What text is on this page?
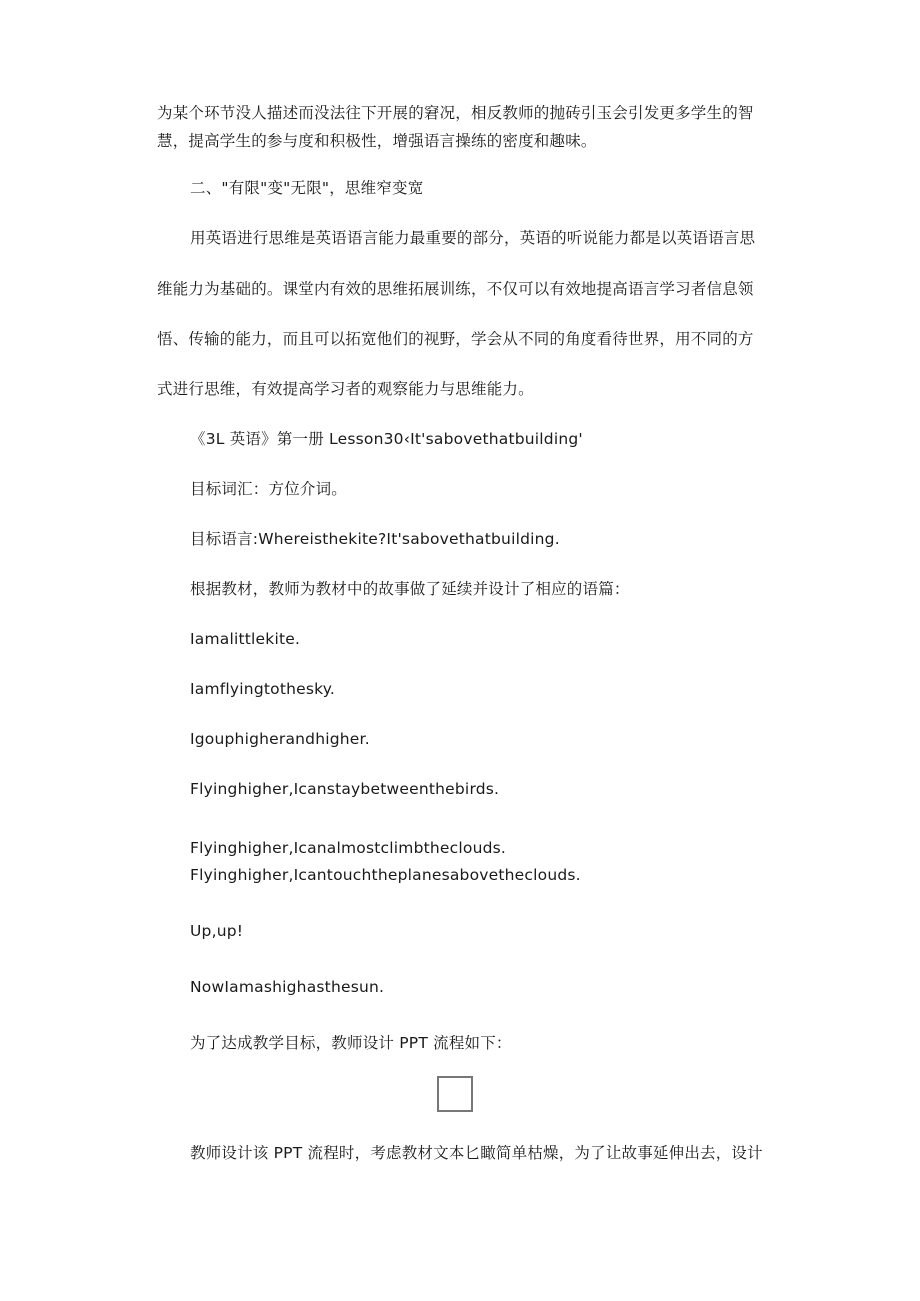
为某个环节没人描述而没法往下开展的窘况，相反教师的抛砖引玉会引发更多学生的智
慧，提高学生的参与度和积极性，增强语言操练的密度和趣味。
二、"有限"变"无限"，思维窄变宽
用英语进行思维是英语语言能力最重要的部分，英语的听说能力都是以英语语言思
维能力为基础的。课堂内有效的思维拓展训练，不仅可以有效地提高语言学习者信息领
悟、传输的能力，而且可以拓宽他们的视野，学会从不同的角度看待世界，用不同的方
式进行思维，有效提高学习者的观察能力与思维能力。
《3L 英语》第一册 Lesson30‹It'sabovethatbuilding'
目标词汇：方位介词。
目标语言:Whereisthekite?It'sabovethatbuilding.
根据教材，教师为教材中的故事做了延续并设计了相应的语篇：
Iamalittlekite.
Iamflyingtothesky.
Igouphigherandhigher.
Flyinghigher,Icanstaybetweenthebirds.
Flyinghigher,Icanalmostclimbtheclouds.
Flyinghigher,Icantouchtheplanesabovetheclouds.
Up,up!
NowIamashighasthesun.
为了达成教学目标，教师设计 PPT 流程如下：
教师设计该 PPT 流程时，考虑教材文本匕瞰简单枯燥，为了让故事延伸出去，设计
